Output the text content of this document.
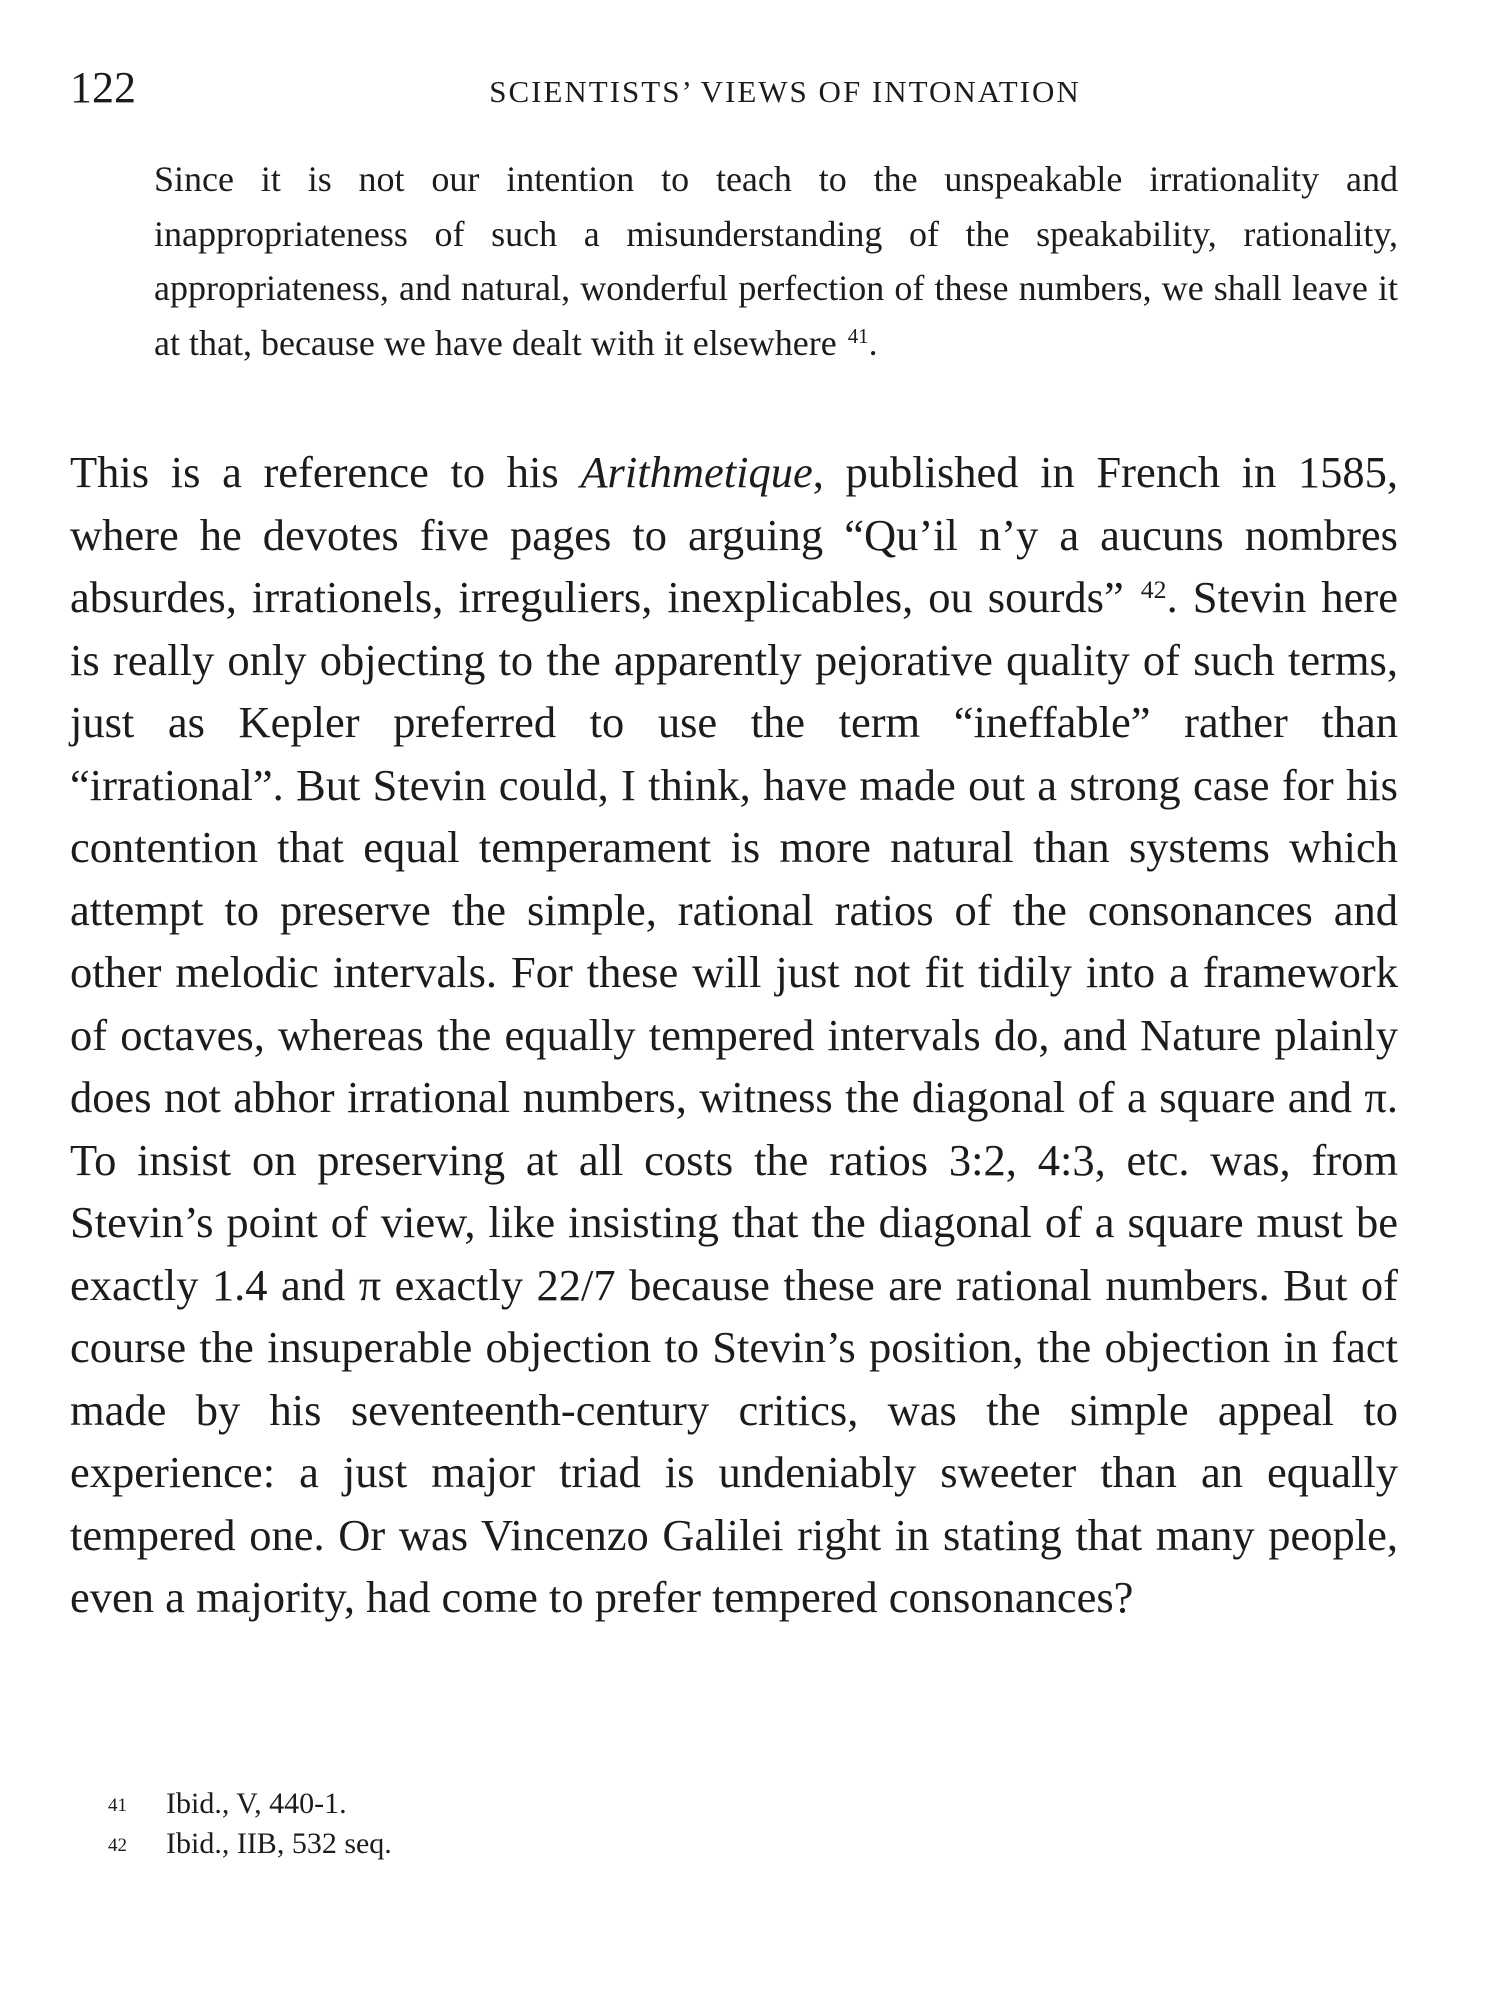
122	SCIENTISTS’ VIEWS OF INTONATION

Since it is not our intention to teach to the unspeakable irrationality and inappropriateness of such a misunderstanding of the speakability, rationality, appropriateness, and natural, wonderful perfection of these numbers, we shall leave it at that, because we have dealt with it elsewhere $^{41}$.

This is a reference to his Arithmetique, published in French in 1585, where he devotes five pages to arguing “Qu’il n’y a aucuns nombres absurdes, irrationels, irreguliers, inexplicables, ou sourds” $^{42}$. Stevin here is really only objecting to the apparently pejorative quality of such terms, just as Kepler preferred to use the term “ineffable” rather than “irrational”. But Stevin could, I think, have made out a strong case for his contention that equal temperament is more natural than systems which attempt to preserve the simple, rational ratios of the consonances and other melodic intervals. For these will just not fit tidily into a framework of octaves, whereas the equally tempered intervals do, and Nature plainly does not abhor irrational numbers, witness the diagonal of a square and π. To insist on preserving at all costs the ratios 3:2, 4:3, etc. was, from Stevin’s point of view, like insisting that the diagonal of a square must be exactly 1.4 and π exactly 22/7 because these are rational numbers. But of course the insuperable objection to Stevin’s position, the objection in fact made by his seventeenth-century critics, was the simple appeal to experience: a just major triad is undeniably sweeter than an equally tempered one. Or was Vincenzo Galilei right in stating that many people, even a majority, had come to prefer tempered consonances?

41	Ibid., V, 440-1.
42	Ibid., IIB, 532 seq.
